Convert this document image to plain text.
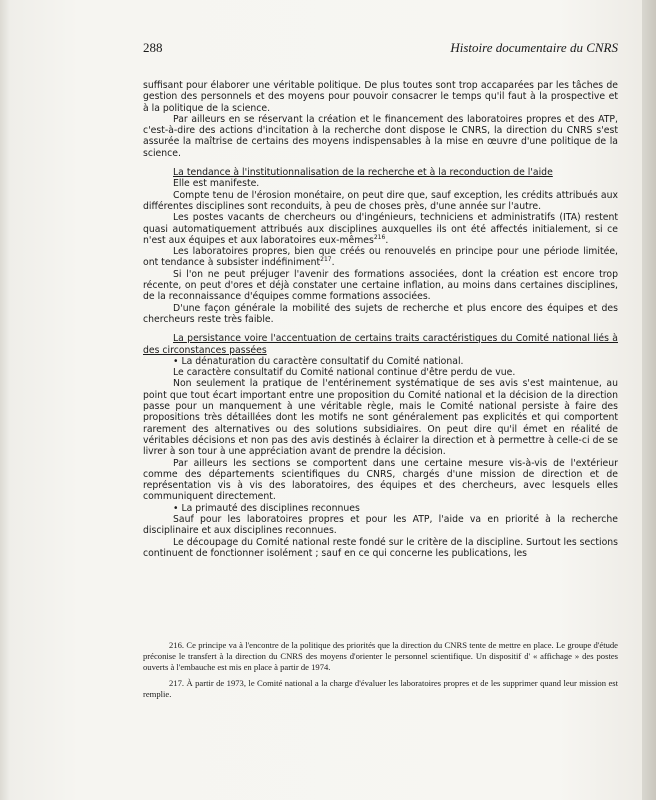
288	Histoire documentaire du CNRS

suffisant pour élaborer une véritable politique. De plus toutes sont trop accaparées par les tâches de gestion des personnels et des moyens pour pouvoir consacrer le temps qu'il faut à la prospective et à la politique de la science.

Par ailleurs en se réservant la création et le financement des laboratoires propres et des ATP, c'est-à-dire des actions d'incitation à la recherche dont dispose le CNRS, la direction du CNRS s'est assurée la maîtrise de certains des moyens indispensables à la mise en œuvre d'une politique de la science.

La tendance à l'institutionnalisation de la recherche et à la reconduction de l'aide

Elle est manifeste.

Compte tenu de l'érosion monétaire, on peut dire que, sauf exception, les crédits attribués aux différentes disciplines sont reconduits, à peu de choses près, d'une année sur l'autre.

Les postes vacants de chercheurs ou d'ingénieurs, techniciens et administratifs (ITA) restent quasi automatiquement attribués aux disciplines auxquelles ils ont été affectés initialement, si ce n'est aux équipes et aux laboratoires eux-mêmes$^{216}$.

Les laboratoires propres, bien que créés ou renouvelés en principe pour une période limitée, ont tendance à subsister indéfiniment$^{217}$.

Si l'on ne peut préjuger l'avenir des formations associées, dont la création est encore trop récente, on peut d'ores et déjà constater une certaine inflation, au moins dans certaines disciplines, de la reconnaissance d'équipes comme formations associées.

D'une façon générale la mobilité des sujets de recherche et plus encore des équipes et des chercheurs reste très faible.

La persistance voire l'accentuation de certains traits caractéristiques du Comité national liés à des circonstances passées

• La dénaturation du caractère consultatif du Comité national.

Le caractère consultatif du Comité national continue d'être perdu de vue.

Non seulement la pratique de l'entérinement systématique de ses avis s'est maintenue, au point que tout écart important entre une proposition du Comité national et la décision de la direction passe pour un manquement à une véritable règle, mais le Comité national persiste à faire des propositions très détaillées dont les motifs ne sont généralement pas explicités et qui comportent rarement des alternatives ou des solutions subsidiaires. On peut dire qu'il émet en réalité de véritables décisions et non pas des avis destinés à éclairer la direction et à permettre à celle-ci de se livrer à son tour à une appréciation avant de prendre la décision.

Par ailleurs les sections se comportent dans une certaine mesure vis-à-vis de l'extérieur comme des départements scientifiques du CNRS, chargés d'une mission de direction et de représentation vis à vis des laboratoires, des équipes et des chercheurs, avec lesquels elles communiquent directement.

• La primauté des disciplines reconnues

Sauf pour les laboratoires propres et pour les ATP, l'aide va en priorité à la recherche disciplinaire et aux disciplines reconnues.

Le découpage du Comité national reste fondé sur le critère de la discipline. Surtout les sections continuent de fonctionner isolément ; sauf en ce qui concerne les publications, les

216. Ce principe va à l'encontre de la politique des priorités que la direction du CNRS tente de mettre en place. Le groupe d'étude préconise le transfert à la direction du CNRS des moyens d'orienter le personnel scientifique. Un dispositif d' « affichage » des postes ouverts à l'embauche est mis en place à partir de 1974.

217. À partir de 1973, le Comité national a la charge d'évaluer les laboratoires propres et de les supprimer quand leur mission est remplie.
